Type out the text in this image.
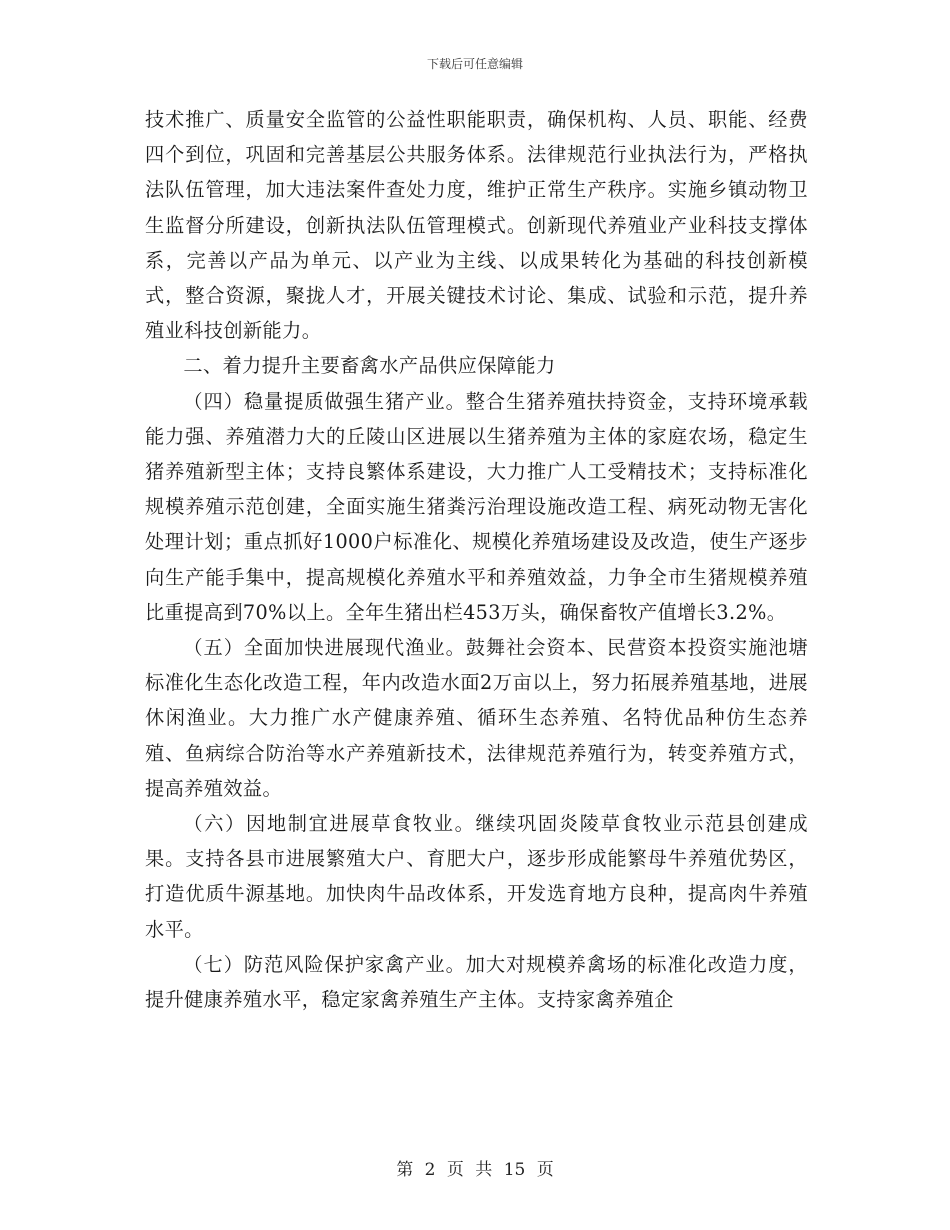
下载后可任意编辑

技术推广、质量安全监管的公益性职能职责，确保机构、人员、职能、经费四个到位，巩固和完善基层公共服务体系。法律规范行业执法行为，严格执法队伍管理，加大违法案件查处力度，维护正常生产秩序。实施乡镇动物卫生监督分所建设，创新执法队伍管理模式。创新现代养殖业产业科技支撑体系，完善以产品为单元、以产业为主线、以成果转化为基础的科技创新模式，整合资源，聚拢人才，开展关键技术讨论、集成、试验和示范，提升养殖业科技创新能力。

二、着力提升主要畜禽水产品供应保障能力

（四）稳量提质做强生猪产业。整合生猪养殖扶持资金，支持环境承载能力强、养殖潜力大的丘陵山区进展以生猪养殖为主体的家庭农场，稳定生猪养殖新型主体；支持良繁体系建设，大力推广人工受精技术；支持标准化规模养殖示范创建，全面实施生猪粪污治理设施改造工程、病死动物无害化处理计划；重点抓好1000户标准化、规模化养殖场建设及改造，使生产逐步向生产能手集中，提高规模化养殖水平和养殖效益，力争全市生猪规模养殖比重提高到70%以上。全年生猪出栏453万头，确保畜牧产值增长3.2%。

（五）全面加快进展现代渔业。鼓舞社会资本、民营资本投资实施池塘标准化生态化改造工程，年内改造水面2万亩以上，努力拓展养殖基地，进展休闲渔业。大力推广水产健康养殖、循环生态养殖、名特优品种仿生态养殖、鱼病综合防治等水产养殖新技术，法律规范养殖行为，转变养殖方式，提高养殖效益。

（六）因地制宜进展草食牧业。继续巩固炎陵草食牧业示范县创建成果。支持各县市进展繁殖大户、育肥大户，逐步形成能繁母牛养殖优势区，打造优质牛源基地。加快肉牛品改体系，开发选育地方良种，提高肉牛养殖水平。

（七）防范风险保护家禽产业。加大对规模养禽场的标准化改造力度，提升健康养殖水平，稳定家禽养殖生产主体。支持家禽养殖企

第 2 页 共 15 页
